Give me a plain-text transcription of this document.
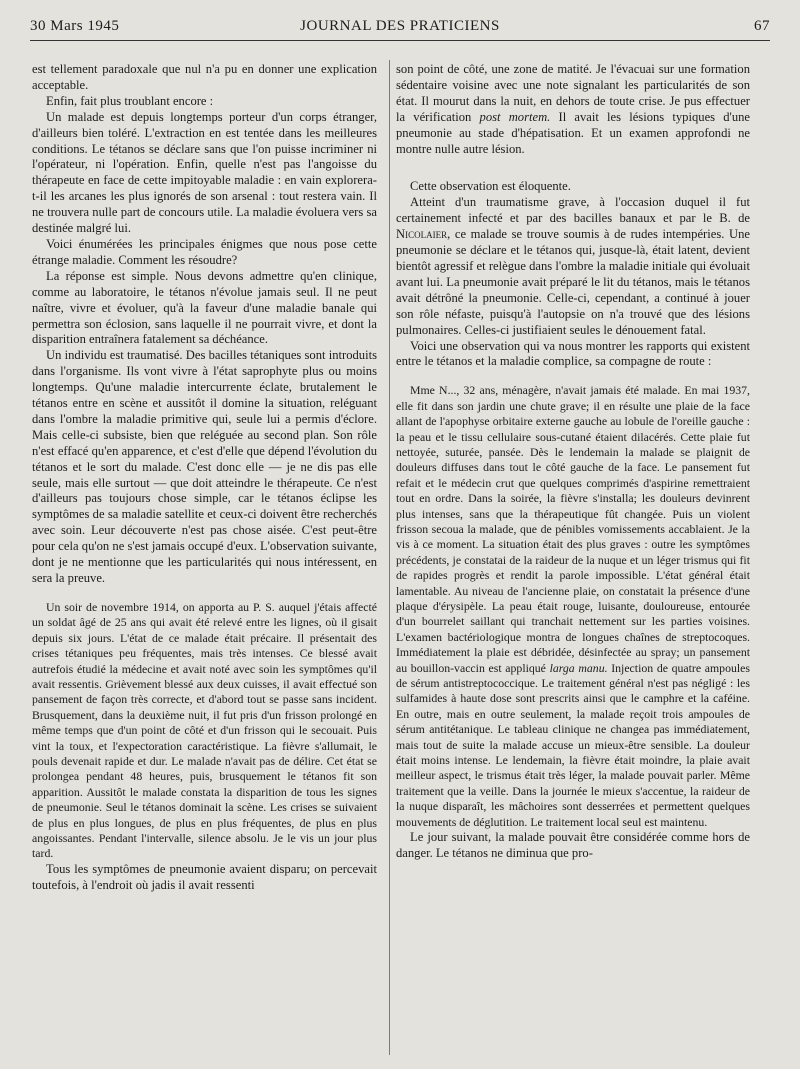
30 Mars 1945	JOURNAL DES PRATICIENS	67

est tellement paradoxale que nul n'a pu en donner une explication acceptable.

Enfin, fait plus troublant encore :

Un malade est depuis longtemps porteur d'un corps étranger, d'ailleurs bien toléré. L'extraction en est tentée dans les meilleures conditions. Le tétanos se déclare sans que l'on puisse incriminer ni l'opérateur, ni l'opération. Enfin, quelle n'est pas l'angoisse du thérapeute en face de cette impitoyable maladie : en vain explorera-t-il les arcanes les plus ignorés de son arsenal : tout restera vain. Il ne trouvera nulle part de concours utile. La maladie évoluera vers sa destinée malgré lui.

Voici énumérées les principales énigmes que nous pose cette étrange maladie. Comment les résoudre?

La réponse est simple. Nous devons admettre qu'en clinique, comme au laboratoire, le tétanos n'évolue jamais seul. Il ne peut naître, vivre et évoluer, qu'à la faveur d'une maladie banale qui permettra son éclosion, sans laquelle il ne pourrait vivre, et dont la disparition entraînera fatalement sa déchéance.

Un individu est traumatisé. Des bacilles tétaniques sont introduits dans l'organisme. Ils vont vivre à l'état saprophyte plus ou moins longtemps. Qu'une maladie intercurrente éclate, brutalement le tétanos entre en scène et aussitôt il domine la situation, reléguant dans l'ombre la maladie primitive qui, seule lui a permis d'éclore. Mais celle-ci subsiste, bien que reléguée au second plan. Son rôle n'est effacé qu'en apparence, et c'est d'elle que dépend l'évolution du tétanos et le sort du malade. C'est donc elle — je ne dis pas elle seule, mais elle surtout — que doit atteindre le thérapeute. Ce n'est d'ailleurs pas toujours chose simple, car le tétanos éclipse les symptômes de sa maladie satellite et ceux-ci doivent être recherchés avec soin. Leur découverte n'est pas chose aisée. C'est peut-être pour cela qu'on ne s'est jamais occupé d'eux. L'observation suivante, dont je ne mentionne que les particularités qui nous intéressent, en sera la preuve.

Un soir de novembre 1914, on apporta au P. S. auquel j'étais affecté un soldat âgé de 25 ans qui avait été relevé entre les lignes, où il gisait depuis six jours. L'état de ce malade était précaire. Il présentait des crises tétaniques peu fréquentes, mais très intenses. Ce blessé avait autrefois étudié la médecine et avait noté avec soin les symptômes qu'il avait ressentis. Grièvement blessé aux deux cuisses, il avait effectué son pansement de façon très correcte, et d'abord tout se passe sans incident. Brusquement, dans la deuxième nuit, il fut pris d'un frisson prolongé en même temps que d'un point de côté et d'un frisson qui le secouait. Puis vint la toux, et l'expectoration caractéristique. La fièvre s'allumait, le pouls devenait rapide et dur. Le malade n'avait pas de délire. Cet état se prolongea pendant 48 heures, puis, brusquement le tétanos fit son apparition. Aussitôt le malade constata la disparition de tous les signes de pneumonie. Seul le tétanos dominait la scène. Les crises se suivaient de plus en plus longues, de plus en plus fréquentes, de plus en plus angoissantes. Pendant l'intervalle, silence absolu. Je le vis un jour plus tard.

Tous les symptômes de pneumonie avaient disparu; on percevait toutefois, à l'endroit où jadis il avait ressenti

son point de côté, une zone de matité. Je l'évacuai sur une formation sédentaire voisine avec une note signalant les particularités de son état. Il mourut dans la nuit, en dehors de toute crise. Je pus effectuer la vérification post mortem. Il avait les lésions typiques d'une pneumonie au stade d'hépatisation. Et un examen approfondi ne montre nulle autre lésion.

Cette observation est éloquente.

Atteint d'un traumatisme grave, à l'occasion duquel il fut certainement infecté et par des bacilles banaux et par le B. de Nicolaier, ce malade se trouve soumis à de rudes intempéries. Une pneumonie se déclare et le tétanos qui, jusque-là, était latent, devient bientôt agressif et relègue dans l'ombre la maladie initiale qui évoluait avant lui. La pneumonie avait préparé le lit du tétanos, mais le tétanos avait détrôné la pneumonie. Celle-ci, cependant, a continué à jouer son rôle néfaste, puisqu'à l'autopsie on n'a trouvé que des lésions pulmonaires. Celles-ci justifiaient seules le dénouement fatal.

Voici une observation qui va nous montrer les rapports qui existent entre le tétanos et la maladie complice, sa compagne de route :

Mme N..., 32 ans, ménagère, n'avait jamais été malade. En mai 1937, elle fit dans son jardin une chute grave; il en résulte une plaie de la face allant de l'apophyse orbitaire externe gauche au lobule de l'oreille gauche : la peau et le tissu cellulaire sous-cutané étaient dilacérés. Cette plaie fut nettoyée, suturée, pansée. Dès le lendemain la malade se plaignit de douleurs diffuses dans tout le côté gauche de la face. Le pansement fut refait et le médecin crut que quelques comprimés d'aspirine remettraient tout en ordre. Dans la soirée, la fièvre s'installa; les douleurs devinrent plus intenses, sans que la thérapeutique fût changée. Puis un violent frisson secoua la malade, que de pénibles vomissements accablaient. Je la vis à ce moment. La situation était des plus graves : outre les symptômes précédents, je constatai de la raideur de la nuque et un léger trismus qui fit de rapides progrès et rendit la parole impossible. L'état général était lamentable. Au niveau de l'ancienne plaie, on constatait la présence d'une plaque d'érysipèle. La peau était rouge, luisante, douloureuse, entourée d'un bourrelet saillant qui tranchait nettement sur les parties voisines. L'examen bactériologique montra de longues chaînes de streptocoques. Immédiatement la plaie est débridée, désinfectée au spray; un pansement au bouillon-vaccin est appliqué larga manu. Injection de quatre ampoules de sérum antistreptococcique. Le traitement général n'est pas négligé : les sulfamides à haute dose sont prescrits ainsi que le camphre et la caféine. En outre, mais en outre seulement, la malade reçoit trois ampoules de sérum antitétanique. Le tableau clinique ne changea pas immédiatement, mais tout de suite la malade accuse un mieux-être sensible. La douleur était moins intense. Le lendemain, la fièvre était moindre, la plaie avait meilleur aspect, le trismus était très léger, la malade pouvait parler. Même traitement que la veille. Dans la journée le mieux s'accentue, la raideur de la nuque disparaît, les mâchoires sont desserrées et permettent quelques mouvements de déglutition. Le traitement local seul est maintenu.

Le jour suivant, la malade pouvait être considérée comme hors de danger. Le tétanos ne diminua que pro-
